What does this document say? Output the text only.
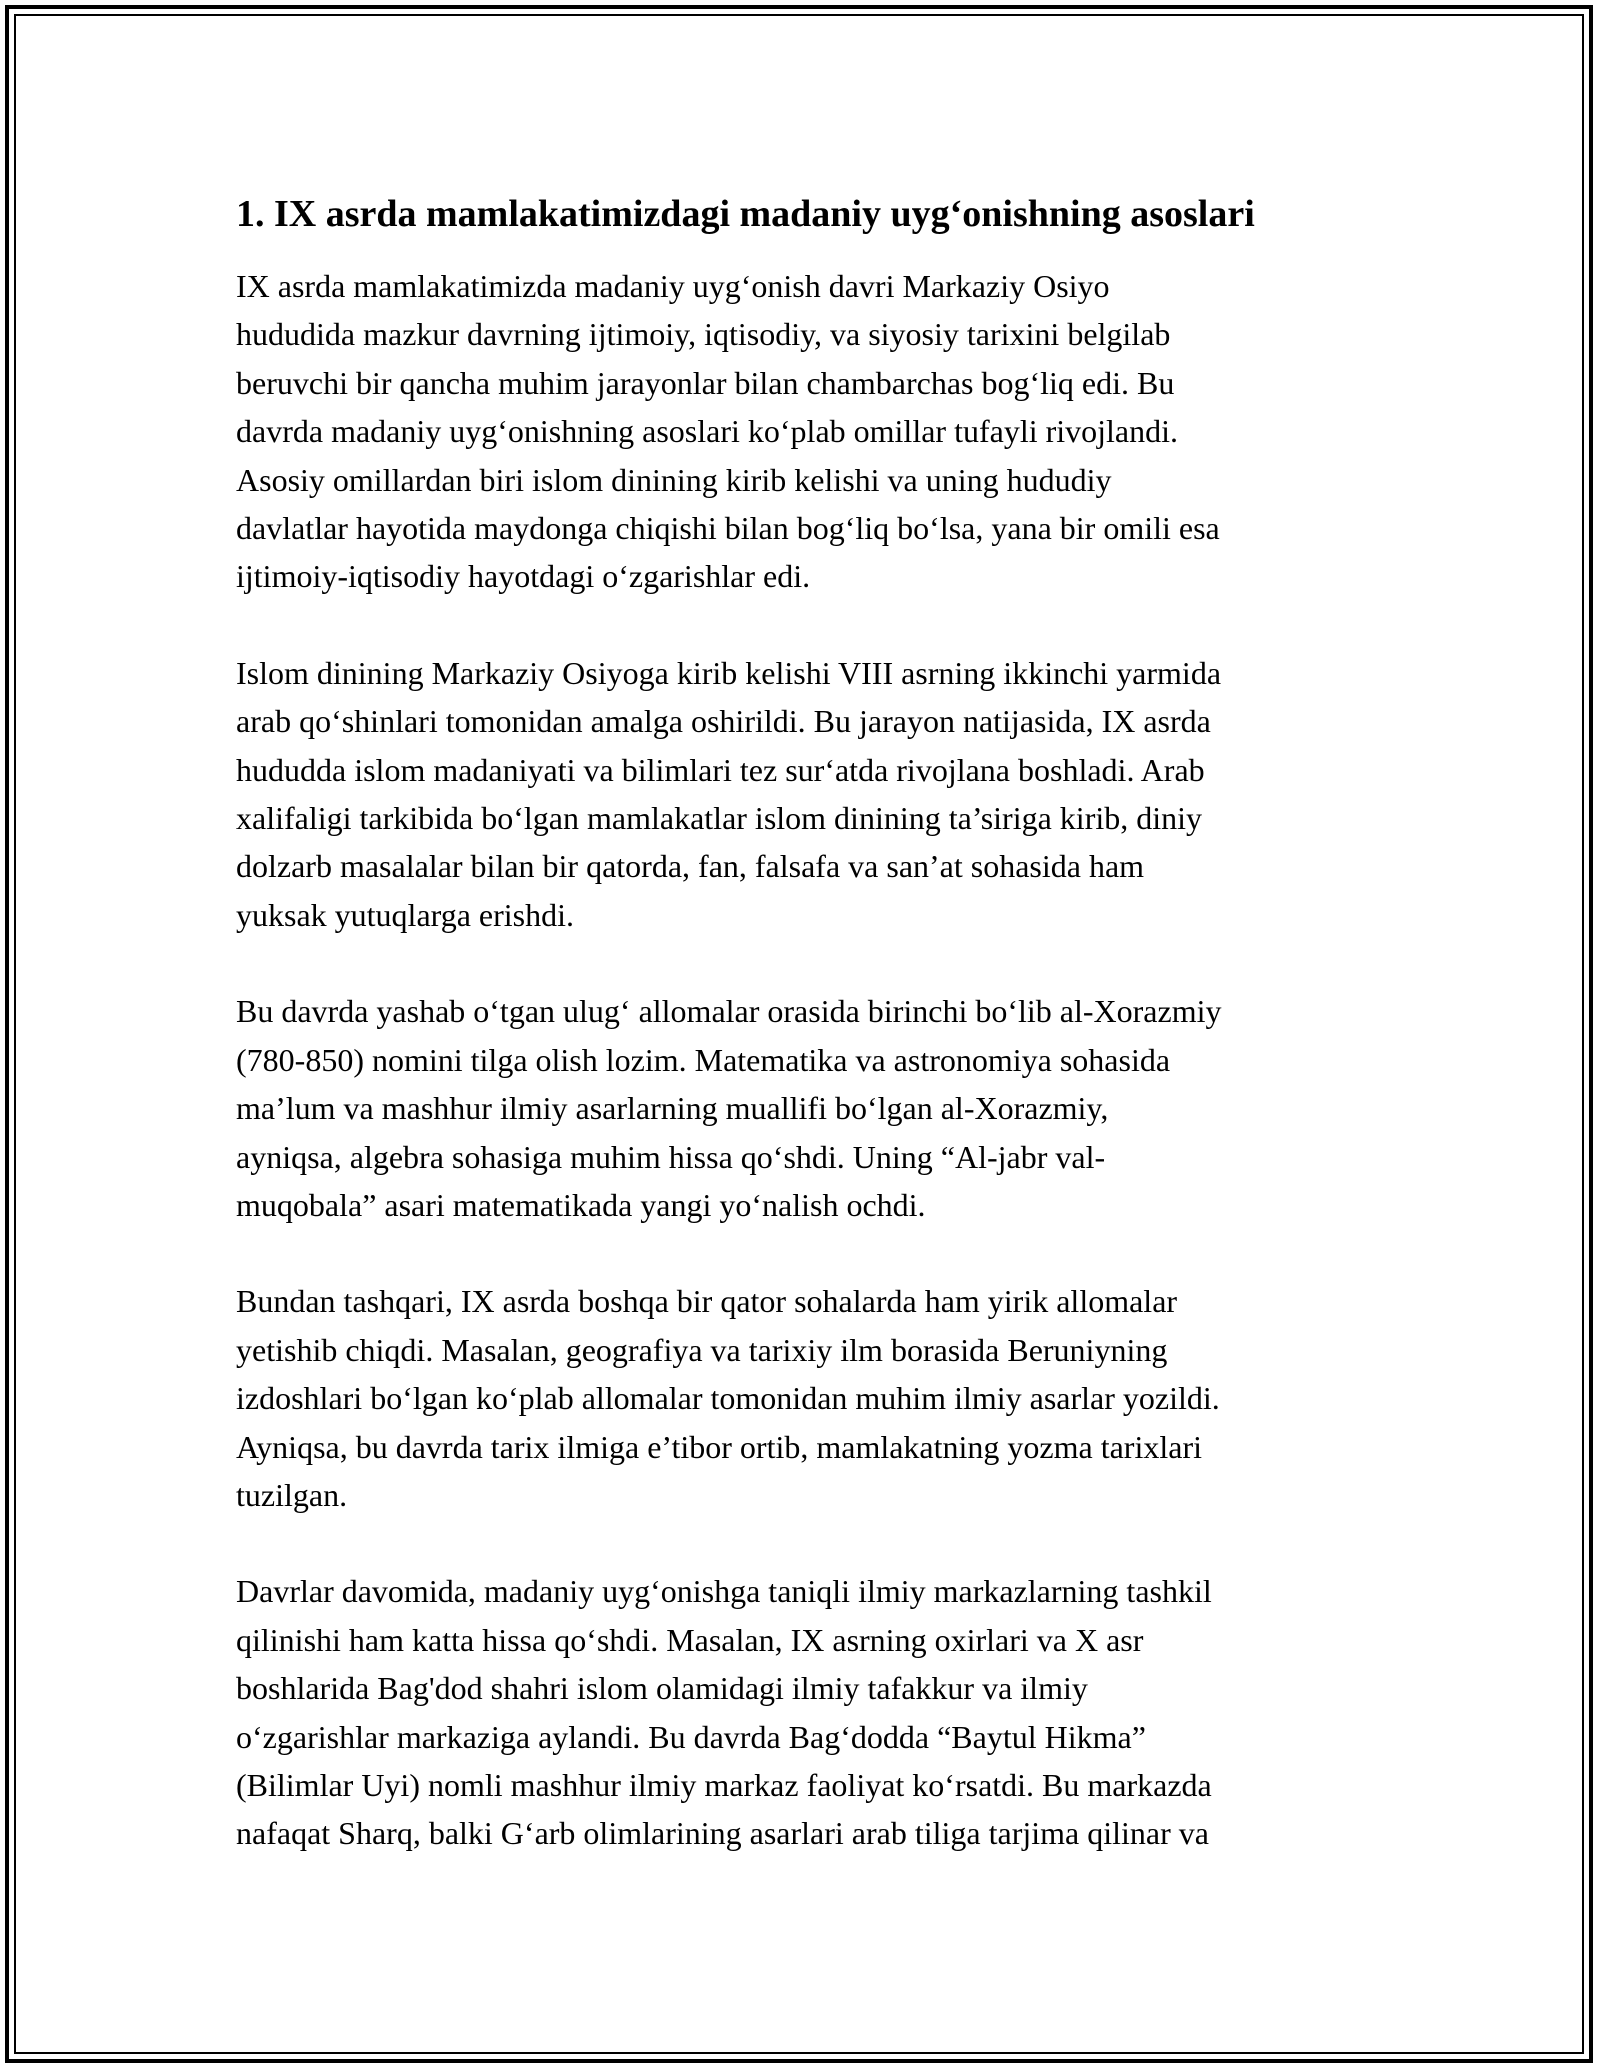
1. IX asrda mamlakatimizdagi madaniy uyg‘onishning asoslari

IX asrda mamlakatimizda madaniy uyg‘onish davri Markaziy Osiyo
hududida mazkur davrning ijtimoiy, iqtisodiy, va siyosiy tarixini belgilab
beruvchi bir qancha muhim jarayonlar bilan chambarchas bog‘liq edi. Bu
davrda madaniy uyg‘onishning asoslari ko‘plab omillar tufayli rivojlandi.
Asosiy omillardan biri islom dinining kirib kelishi va uning hududiy
davlatlar hayotida maydonga chiqishi bilan bog‘liq bo‘lsa, yana bir omili esa
ijtimoiy-iqtisodiy hayotdagi o‘zgarishlar edi.

Islom dinining Markaziy Osiyoga kirib kelishi VIII asrning ikkinchi yarmida
arab qo‘shinlari tomonidan amalga oshirildi. Bu jarayon natijasida, IX asrda
hududda islom madaniyati va bilimlari tez sur‘atda rivojlana boshladi. Arab
xalifaligi tarkibida bo‘lgan mamlakatlar islom dinining ta’siriga kirib, diniy
dolzarb masalalar bilan bir qatorda, fan, falsafa va san’at sohasida ham
yuksak yutuqlarga erishdi.

Bu davrda yashab o‘tgan ulug‘ allomalar orasida birinchi bo‘lib al-Xorazmiy
(780-850) nomini tilga olish lozim. Matematika va astronomiya sohasida
ma’lum va mashhur ilmiy asarlarning muallifi bo‘lgan al-Xorazmiy,
ayniqsa, algebra sohasiga muhim hissa qo‘shdi. Uning “Al-jabr val-
muqobala” asari matematikada yangi yo‘nalish ochdi.

Bundan tashqari, IX asrda boshqa bir qator sohalarda ham yirik allomalar
yetishib chiqdi. Masalan, geografiya va tarixiy ilm borasida Beruniyning
izdoshlari bo‘lgan ko‘plab allomalar tomonidan muhim ilmiy asarlar yozildi.
Ayniqsa, bu davrda tarix ilmiga e’tibor ortib, mamlakatning yozma tarixlari
tuzilgan.

Davrlar davomida, madaniy uyg‘onishga taniqli ilmiy markazlarning tashkil
qilinishi ham katta hissa qo‘shdi. Masalan, IX asrning oxirlari va X asr
boshlarida Bag'dod shahri islom olamidagi ilmiy tafakkur va ilmiy
o‘zgarishlar markaziga aylandi. Bu davrda Bag‘dodda “Baytul Hikma”
(Bilimlar Uyi) nomli mashhur ilmiy markaz faoliyat ko‘rsatdi. Bu markazda
nafaqat Sharq, balki G‘arb olimlarining asarlari arab tiliga tarjima qilinar va
